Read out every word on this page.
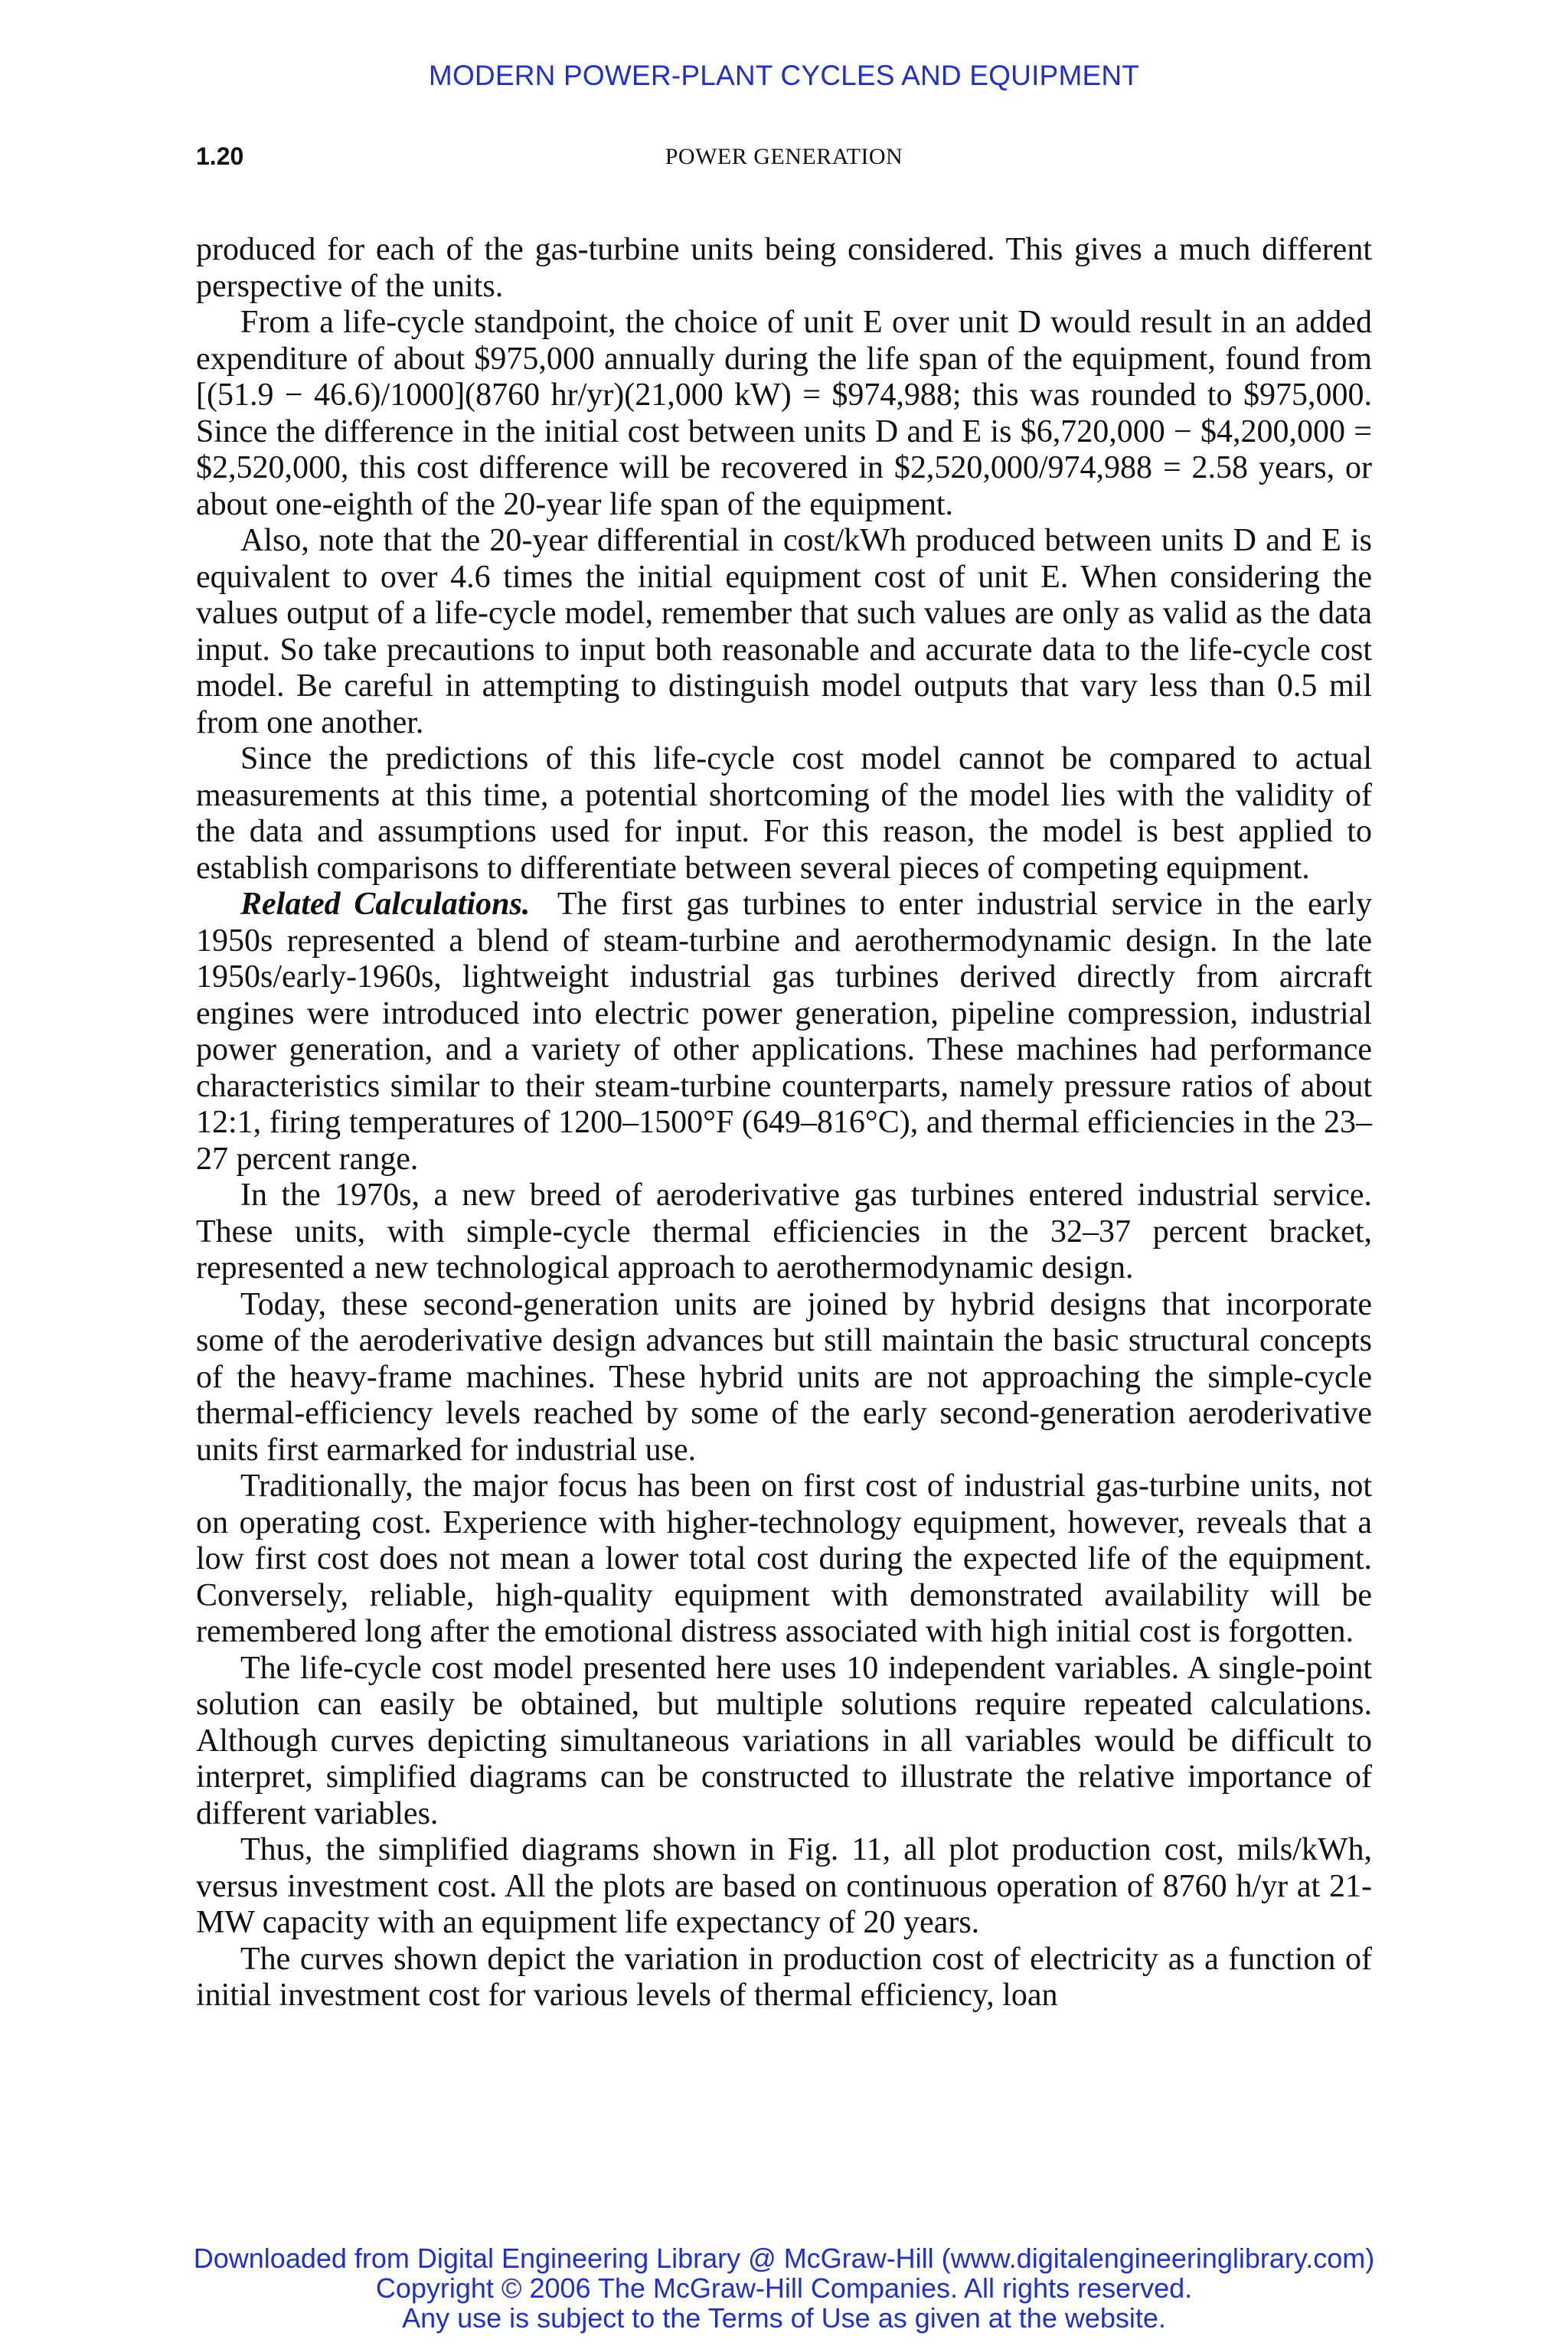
MODERN POWER-PLANT CYCLES AND EQUIPMENT
1.20	POWER GENERATION

produced for each of the gas-turbine units being considered. This gives a much different perspective of the units.

From a life-cycle standpoint, the choice of unit E over unit D would result in an added expenditure of about $975,000 annually during the life span of the equipment, found from [(51.9 − 46.6)/1000](8760 hr/yr)(21,000 kW) = $974,988; this was rounded to $975,000. Since the difference in the initial cost between units D and E is $6,720,000 − $4,200,000 = $2,520,000, this cost difference will be recovered in $2,520,000/974,988 = 2.58 years, or about one-eighth of the 20-year life span of the equipment.

Also, note that the 20-year differential in cost/kWh produced between units D and E is equivalent to over 4.6 times the initial equipment cost of unit E. When considering the values output of a life-cycle model, remember that such values are only as valid as the data input. So take precautions to input both reasonable and accurate data to the life-cycle cost model. Be careful in attempting to distinguish model outputs that vary less than 0.5 mil from one another.

Since the predictions of this life-cycle cost model cannot be compared to actual measurements at this time, a potential shortcoming of the model lies with the validity of the data and assumptions used for input. For this reason, the model is best applied to establish comparisons to differentiate between several pieces of competing equipment.

Related Calculations. The first gas turbines to enter industrial service in the early 1950s represented a blend of steam-turbine and aerothermodynamic design. In the late 1950s/early-1960s, lightweight industrial gas turbines derived directly from aircraft engines were introduced into electric power generation, pipeline compression, industrial power generation, and a variety of other applications. These machines had performance characteristics similar to their steam-turbine counterparts, namely pressure ratios of about 12:1, firing temperatures of 1200–1500°F (649–816°C), and thermal efficiencies in the 23–27 percent range.

In the 1970s, a new breed of aeroderivative gas turbines entered industrial service. These units, with simple-cycle thermal efficiencies in the 32–37 percent bracket, represented a new technological approach to aerothermodynamic design.

Today, these second-generation units are joined by hybrid designs that incorporate some of the aeroderivative design advances but still maintain the basic structural concepts of the heavy-frame machines. These hybrid units are not approaching the simple-cycle thermal-efficiency levels reached by some of the early second-generation aeroderivative units first earmarked for industrial use.

Traditionally, the major focus has been on first cost of industrial gas-turbine units, not on operating cost. Experience with higher-technology equipment, however, reveals that a low first cost does not mean a lower total cost during the expected life of the equipment. Conversely, reliable, high-quality equipment with demonstrated availability will be remembered long after the emotional distress associated with high initial cost is forgotten.

The life-cycle cost model presented here uses 10 independent variables. A single-point solution can easily be obtained, but multiple solutions require repeated calculations. Although curves depicting simultaneous variations in all variables would be difficult to interpret, simplified diagrams can be constructed to illustrate the relative importance of different variables.

Thus, the simplified diagrams shown in Fig. 11, all plot production cost, mils/kWh, versus investment cost. All the plots are based on continuous operation of 8760 h/yr at 21-MW capacity with an equipment life expectancy of 20 years.

The curves shown depict the variation in production cost of electricity as a function of initial investment cost for various levels of thermal efficiency, loan

Downloaded from Digital Engineering Library @ McGraw-Hill (www.digitalengineeringlibrary.com)
Copyright © 2006 The McGraw-Hill Companies. All rights reserved.
Any use is subject to the Terms of Use as given at the website.
